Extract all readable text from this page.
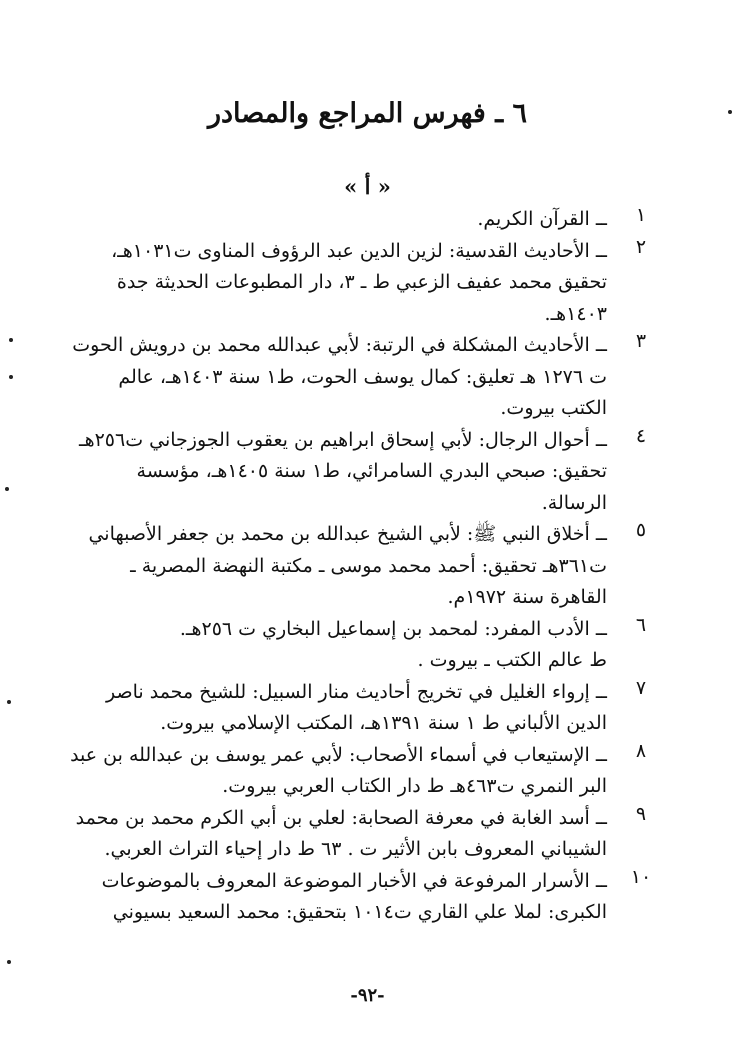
٦ ـ فهرس المراجع والمصادر
« أ »
١
ــ القرآن الكريم.
٢
ــ الأحاديث القدسية: لزين الدين عبد الرؤوف المناوى ت١٠٣١هـ،
تحقيق محمد عفيف الزعبي ط ـ ٣، دار المطبوعات الحديثة جدة
١٤٠٣هـ.
٣
ــ الأحاديث المشكلة في الرتبة: لأبي عبدالله محمد بن درويش الحوت
ت ١٢٧٦ هـ تعليق: كمال يوسف الحوت، ط١ سنة ١٤٠٣هـ، عالم
الكتب بيروت.
٤
ــ أحوال الرجال: لأبي إسحاق ابراهيم بن يعقوب الجوزجاني ت٢٥٦هـ
تحقيق: صبحي البدري السامرائي، ط١ سنة ١٤٠٥هـ، مؤسسة
الرسالة.
٥
ــ أخلاق النبي ﷺ: لأبي الشيخ عبدالله بن محمد بن جعفر الأصبهاني
ت٣٦١هـ تحقيق: أحمد محمد موسى ـ مكتبة النهضة المصرية ـ
القاهرة سنة ١٩٧٢م.
٦
ــ الأدب المفرد: لمحمد بن إسماعيل البخاري ت ٢٥٦هـ.
ط عالم الكتب ـ بيروت .
٧
ــ إرواء الغليل في تخريج أحاديث منار السبيل: للشيخ محمد ناصر
الدين الألباني ط ١ سنة ١٣٩١هـ، المكتب الإسلامي بيروت.
٨
ــ الإستيعاب في أسماء الأصحاب: لأبي عمر يوسف بن عبدالله بن عبد
البر النمري ت٤٦٣هـ ط دار الكتاب العربي بيروت.
٩
ــ أسد الغابة في معرفة الصحابة: لعلي بن أبي الكرم محمد بن محمد
الشيباني المعروف بابن الأثير ت . ٦٣ ط دار إحياء التراث العربي.
١٠
ــ الأسرار المرفوعة في الأخبار الموضوعة المعروف بالموضوعات
الكبرى: لملا علي القاري ت١٠١٤ بتحقيق: محمد السعيد بسيوني
-٩٢-
